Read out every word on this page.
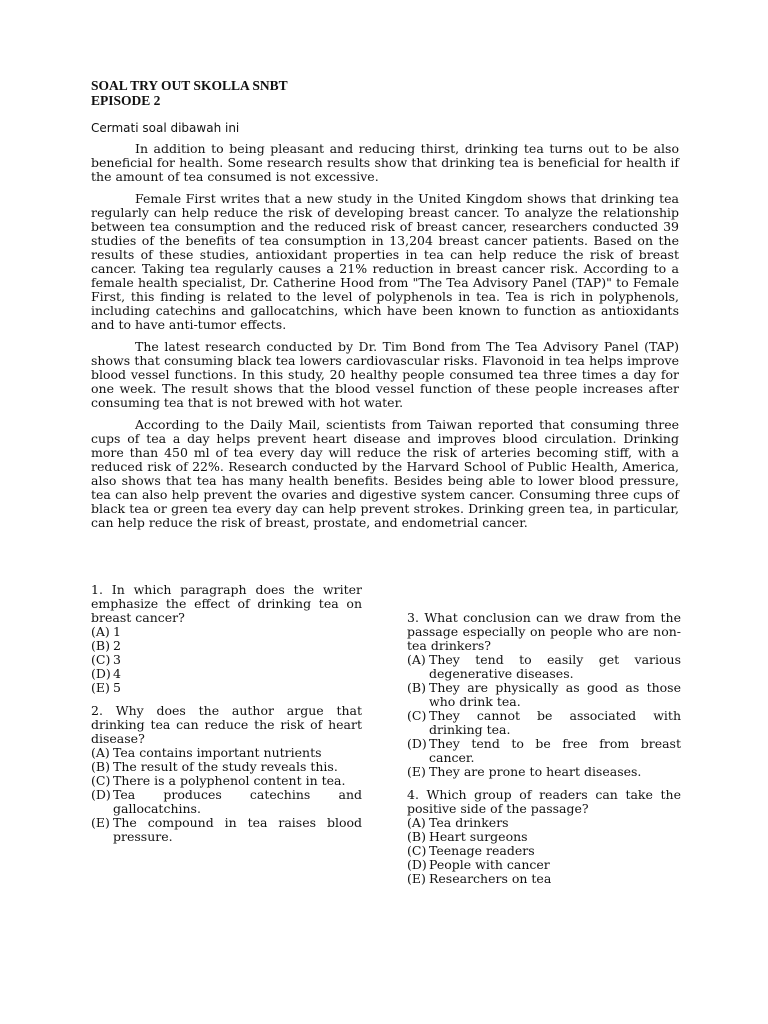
SOAL TRY OUT SKOLLA SNBT
EPISODE 2
Cermati soal dibawah ini

In addition to being pleasant and reducing thirst, drinking tea turns out to be also beneficial for health. Some research results show that drinking tea is beneficial for health if the amount of tea consumed is not excessive.

Female First writes that a new study in the United Kingdom shows that drinking tea regularly can help reduce the risk of developing breast cancer. To analyze the relationship between tea consumption and the reduced risk of breast cancer, researchers conducted 39 studies of the benefits of tea consumption in 13,204 breast cancer patients. Based on the results of these studies, antioxidant properties in tea can help reduce the risk of breast cancer. Taking tea regularly causes a 21% reduction in breast cancer risk. According to a female health specialist, Dr. Catherine Hood from "The Tea Advisory Panel (TAP)" to Female First, this finding is related to the level of polyphenols in tea. Tea is rich in polyphenols, including catechins and gallocatchins, which have been known to function as antioxidants and to have anti-tumor effects.

The latest research conducted by Dr. Tim Bond from The Tea Advisory Panel (TAP) shows that consuming black tea lowers cardiovascular risks. Flavonoid in tea helps improve blood vessel functions. In this study, 20 healthy people consumed tea three times a day for one week. The result shows that the blood vessel function of these people increases after consuming tea that is not brewed with hot water.

According to the Daily Mail, scientists from Taiwan reported that consuming three cups of tea a day helps prevent heart disease and improves blood circulation. Drinking more than 450 ml of tea every day will reduce the risk of arteries becoming stiff, with a reduced risk of 22%. Research conducted by the Harvard School of Public Health, America, also shows that tea has many health benefits. Besides being able to lower blood pressure, tea can also help prevent the ovaries and digestive system cancer. Consuming three cups of black tea or green tea every day can help prevent strokes. Drinking green tea, in particular, can help reduce the risk of breast, prostate, and endometrial cancer.

1. In which paragraph does the writer emphasize the effect of drinking tea on breast cancer?
(A) 1
(B) 2
(C) 3
(D) 4
(E) 5
2. Why does the author argue that drinking tea can reduce the risk of heart disease?
(A) Tea contains important nutrients
(B) The result of the study reveals this.
(C) There is a polyphenol content in tea.
(D) Tea produces catechins and gallocatchins.
(E) The compound in tea raises blood pressure.
3. What conclusion can we draw from the passage especially on people who are non-tea drinkers?
(A) They tend to easily get various degenerative diseases.
(B) They are physically as good as those who drink tea.
(C) They cannot be associated with drinking tea.
(D) They tend to be free from breast cancer.
(E) They are prone to heart diseases.
4. Which group of readers can take the positive side of the passage?
(A) Tea drinkers
(B) Heart surgeons
(C) Teenage readers
(D) People with cancer
(E) Researchers on tea
